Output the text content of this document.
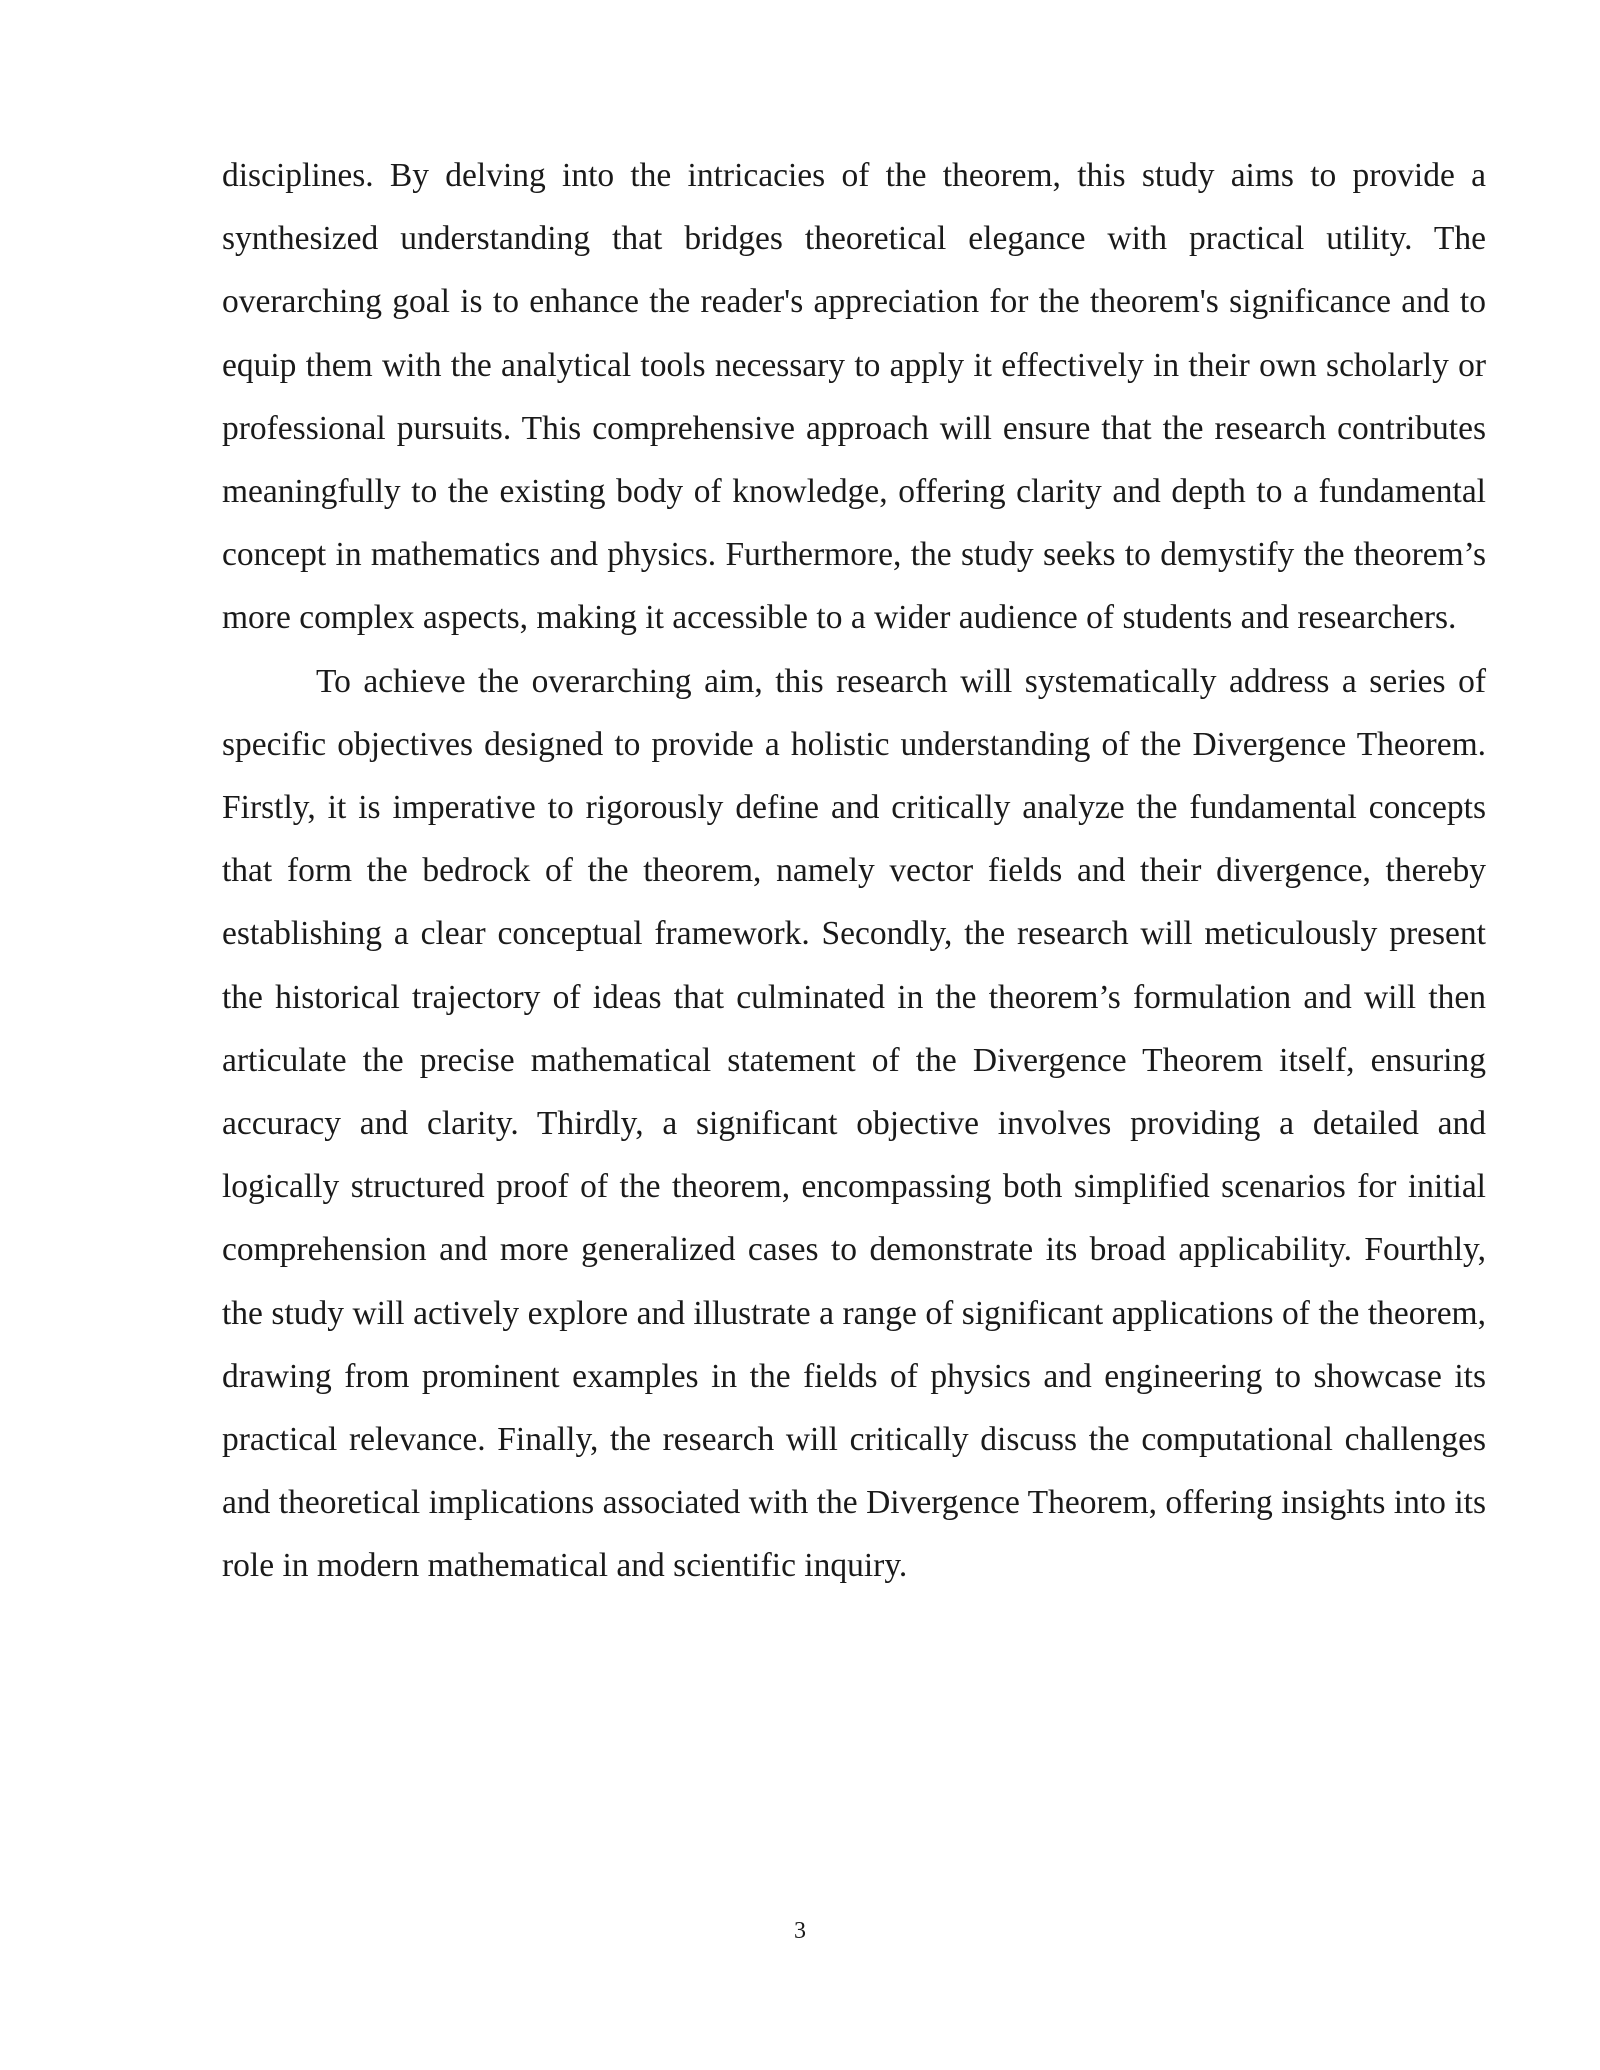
disciplines. By delving into the intricacies of the theorem, this study aims to provide a synthesized understanding that bridges theoretical elegance with practical utility. The overarching goal is to enhance the reader's appreciation for the theorem's significance and to equip them with the analytical tools necessary to apply it effectively in their own scholarly or professional pursuits. This comprehensive approach will ensure that the research contributes meaningfully to the existing body of knowledge, offering clarity and depth to a fundamental concept in mathematics and physics. Furthermore, the study seeks to demystify the theorem’s more complex aspects, making it accessible to a wider audience of students and researchers.

To achieve the overarching aim, this research will systematically address a series of specific objectives designed to provide a holistic understanding of the Divergence Theorem. Firstly, it is imperative to rigorously define and critically analyze the fundamental concepts that form the bedrock of the theorem, namely vector fields and their divergence, thereby establishing a clear conceptual framework. Secondly, the research will meticulously present the historical trajectory of ideas that culminated in the theorem’s formulation and will then articulate the precise mathematical statement of the Divergence Theorem itself, ensuring accuracy and clarity. Thirdly, a significant objective involves providing a detailed and logically structured proof of the theorem, encompassing both simplified scenarios for initial comprehension and more generalized cases to demonstrate its broad applicability. Fourthly, the study will actively explore and illustrate a range of significant applications of the theorem, drawing from prominent examples in the fields of physics and engineering to showcase its practical relevance. Finally, the research will critically discuss the computational challenges and theoretical implications associated with the Divergence Theorem, offering insights into its role in modern mathematical and scientific inquiry.

3
